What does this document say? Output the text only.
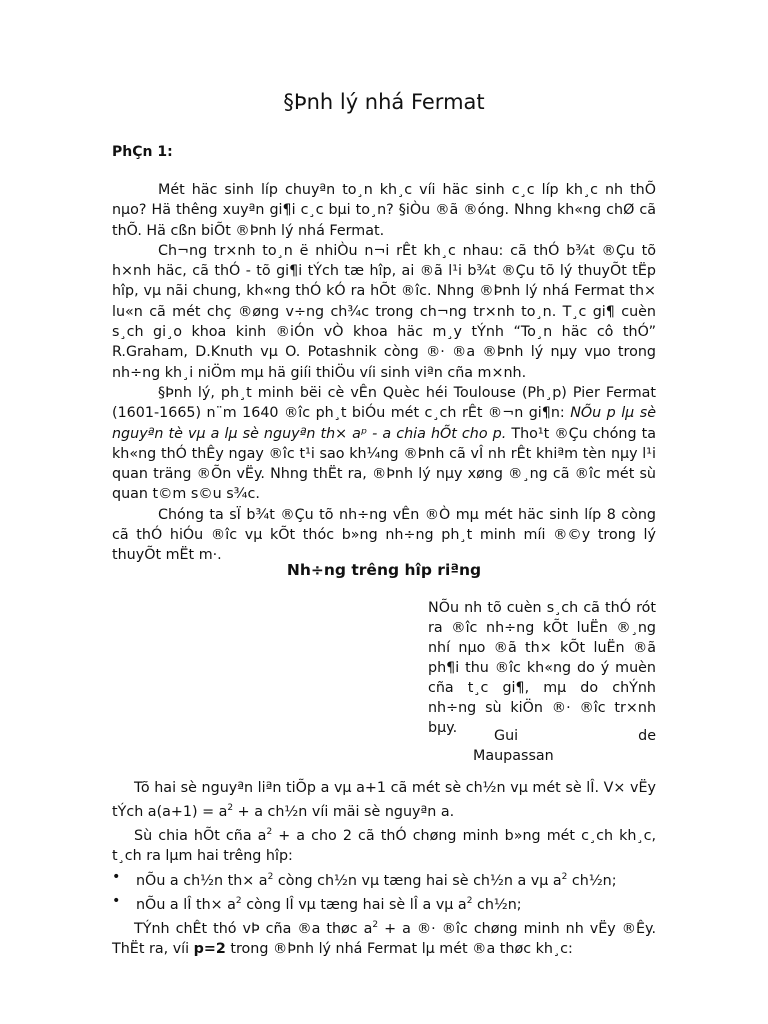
§Þnh lý nhá Fermat
PhÇn 1:

Mét häc sinh líp chuyªn to¸n kh¸c víi häc sinh c¸c líp kh¸c nh thÕ nµo? Hä thêng xuyªn gi¶i c¸c bµi to¸n? §iÒu ®ã ®óng. Nhng kh«ng chØ cã thÕ. Hä cßn biÕt ®Þnh lý nhá Fermat.

Ch¬ng tr×nh to¸n ë nhiÒu n¬i rÊt kh¸c nhau: cã thÓ b¾t ®Çu tõ h×nh häc, cã thÓ - tõ gi¶i tÝch tæ hîp, ai ®ã l¹i b¾t ®Çu tõ lý thuyÕt tËp hîp, vµ nãi chung, kh«ng thÓ kÓ ra hÕt ®îc. Nhng ®Þnh lý nhá Fermat th× lu«n cã mét chç ®øng v÷ng ch¾c trong ch¬ng tr×nh to¸n. T¸c gi¶ cuèn s¸ch gi¸o khoa kinh ®iÓn vÒ khoa häc m¸y tÝnh “To¸n häc cô thÓ” R.Graham, D.Knuth vµ O. Potashnik còng ®· ®a ®Þnh lý nµy vµo trong nh÷ng kh¸i niÖm mµ hä giíi thiÖu víi sinh viªn cña m×nh.

§Þnh lý, ph¸t minh bëi cè vÊn Quèc héi Toulouse (Ph¸p) Pier Fermat (1601-1665) n¨m 1640 ®îc ph¸t biÓu mét c¸ch rÊt ®¬n gi¶n: NÕu p lµ sè nguyªn tè vµ a lµ sè nguyªn th× aᵖ - a chia hÕt cho p. Tho¹t ®Çu chóng ta kh«ng thÓ thÊy ngay ®îc t¹i sao kh¼ng ®Þnh cã vÎ nh rÊt khiªm tèn nµy l¹i quan träng ®Õn vËy. Nhng thËt ra, ®Þnh lý nµy xøng ®¸ng cã ®îc mét sù quan t©m s©u s¾c.

Chóng ta sÏ b¾t ®Çu tõ nh÷ng vÊn ®Ò mµ mét häc sinh líp 8 còng cã thÓ hiÓu ®îc vµ kÕt thóc b»ng nh÷ng ph¸t minh míi ®©y trong lý thuyÕt mËt m·.

Nh÷ng trêng hîp riªng

NÕu nh tõ cuèn s¸ch cã thÓ rót ra ®îc nh÷ng kÕt luËn ®¸ng nhí nµo ®ã th× kÕt luËn ®ã ph¶i thu ®îc kh«ng do ý muèn cña t¸c gi¶, mµ do chÝnh nh÷ng sù kiÖn ®· ®îc tr×nh bµy.	Gui	de
Maupassan

Tõ hai sè nguyªn liªn tiÕp a vµ a+1 cã mét sè ch½n vµ mét sè lÎ. V× vËy tÝch $a(a+1) = a^2 + a$ ch½n víi mäi sè nguyªn a.

Sù chia hÕt cña $a^2 + a$ cho 2 cã thÓ chøng minh b»ng mét c¸ch kh¸c, t¸ch ra lµm hai trêng hîp:

• nÕu a ch½n $th\times a^2$ còng ch½n vµ tæng hai sè ch½n a vµ $a^2$ ch½n;
• nÕu a lÎ $th\times a^2$ còng lÎ vµ tæng hai sè lÎ a vµ $a^2$ ch½n;

TÝnh chÊt thó vÞ cña ®a thøc $a^2 + a$ ®· ®îc chøng minh nh vËy ®Êy. ThËt ra, víi p=2 trong ®Þnh lý nhá Fermat lµ mét ®a thøc kh¸c:
